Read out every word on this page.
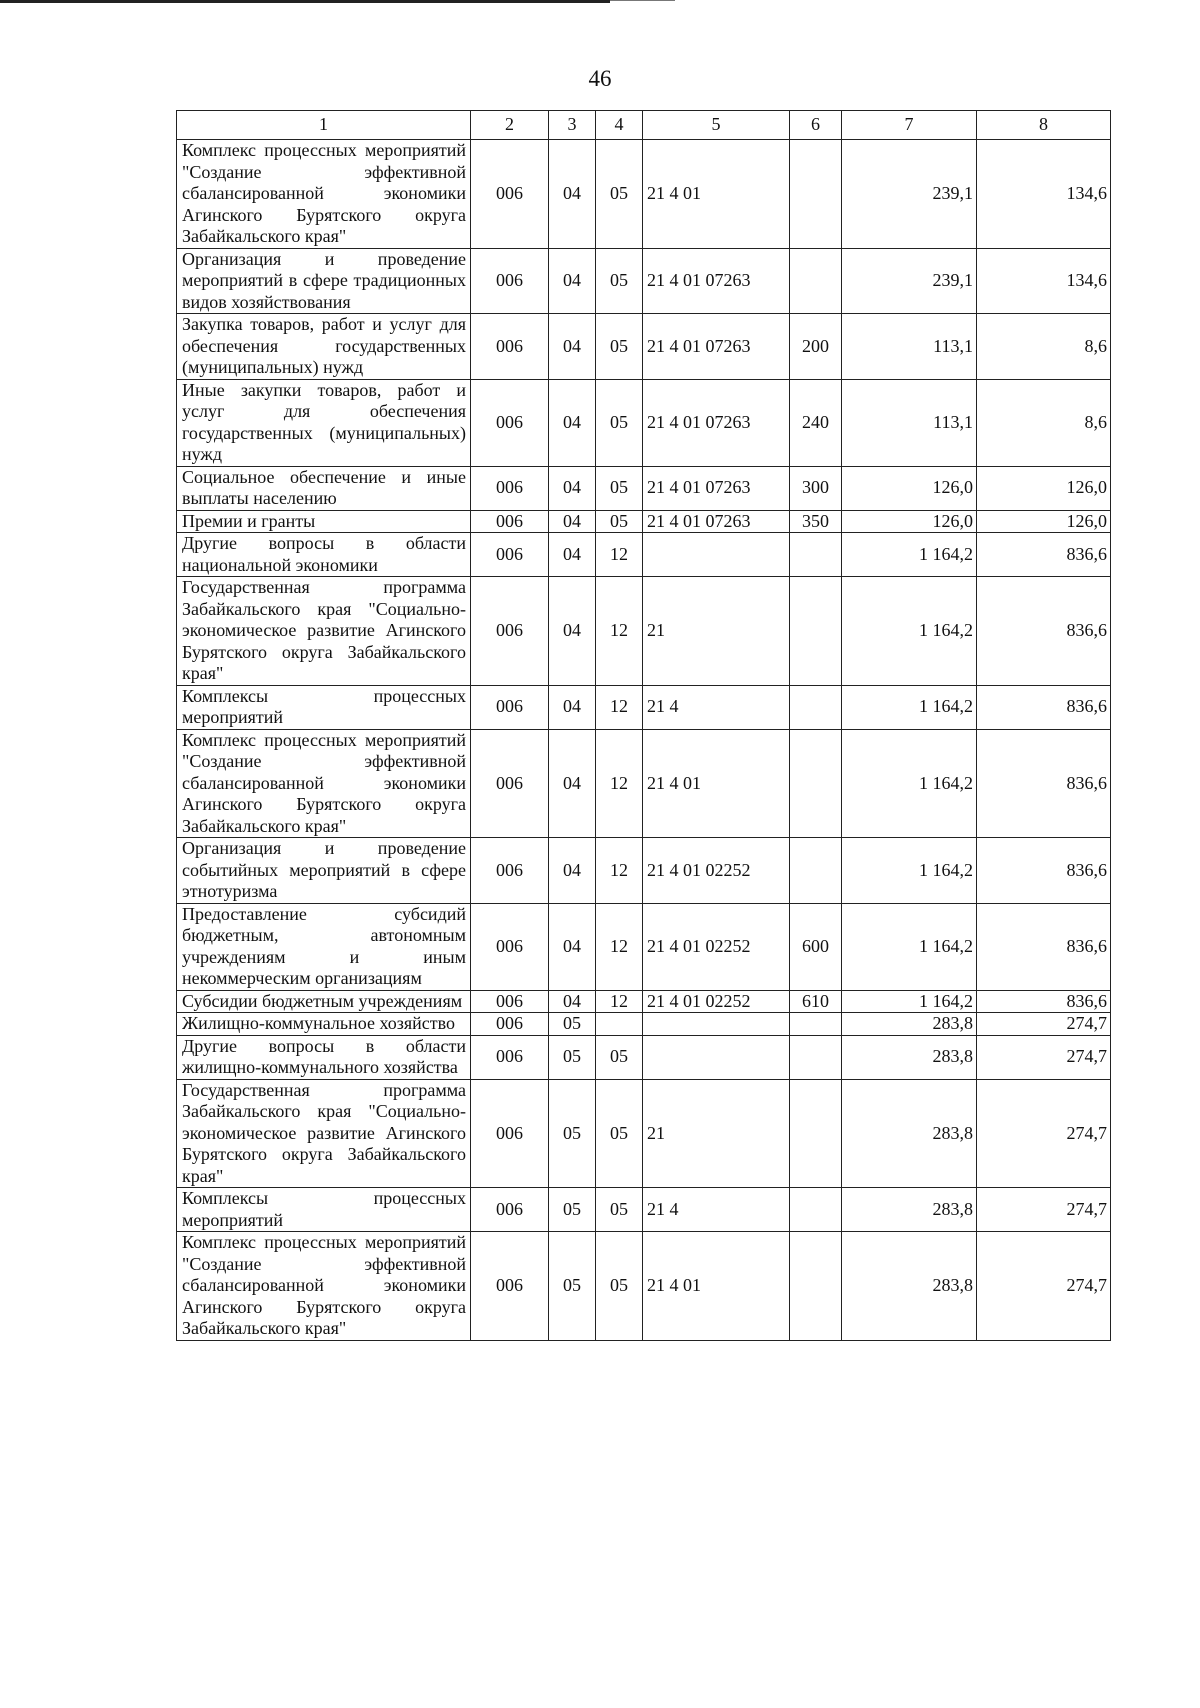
46
1	2	3	4	5	6	7	8
Комплекс процессных мероприятий "Создание эффективной сбалансированной экономики Агинского Бурятского округа Забайкальского края"	006	04	05	21 4 01		239,1	134,6
Организация и проведение мероприятий в сфере традиционных видов хозяйствования	006	04	05	21 4 01 07263		239,1	134,6
Закупка товаров, работ и услуг для обеспечения государственных (муниципальных) нужд	006	04	05	21 4 01 07263	200	113,1	8,6
Иные закупки товаров, работ и услуг для обеспечения государственных (муниципальных) нужд	006	04	05	21 4 01 07263	240	113,1	8,6
Социальное обеспечение и иные выплаты населению	006	04	05	21 4 01 07263	300	126,0	126,0
Премии и гранты	006	04	05	21 4 01 07263	350	126,0	126,0
Другие вопросы в области национальной экономики	006	04	12			1 164,2	836,6
Государственная программа Забайкальского края "Социально-экономическое развитие Агинского Бурятского округа Забайкальского края"	006	04	12	21		1 164,2	836,6
Комплексы процессных мероприятий	006	04	12	21 4		1 164,2	836,6
Комплекс процессных мероприятий "Создание эффективной сбалансированной экономики Агинского Бурятского округа Забайкальского края"	006	04	12	21 4 01		1 164,2	836,6
Организация и проведение событийных мероприятий в сфере этнотуризма	006	04	12	21 4 01 02252		1 164,2	836,6
Предоставление субсидий бюджетным, автономным учреждениям и иным некоммерческим организациям	006	04	12	21 4 01 02252	600	1 164,2	836,6
Субсидии бюджетным учреждениям	006	04	12	21 4 01 02252	610	1 164,2	836,6
Жилищно-коммунальное хозяйство	006	05				283,8	274,7
Другие вопросы в области жилищно-коммунального хозяйства	006	05	05			283,8	274,7
Государственная программа Забайкальского края "Социально-экономическое развитие Агинского Бурятского округа Забайкальского края"	006	05	05	21		283,8	274,7
Комплексы процессных мероприятий	006	05	05	21 4		283,8	274,7
Комплекс процессных мероприятий "Создание эффективной сбалансированной экономики Агинского Бурятского округа Забайкальского края"	006	05	05	21 4 01		283,8	274,7
